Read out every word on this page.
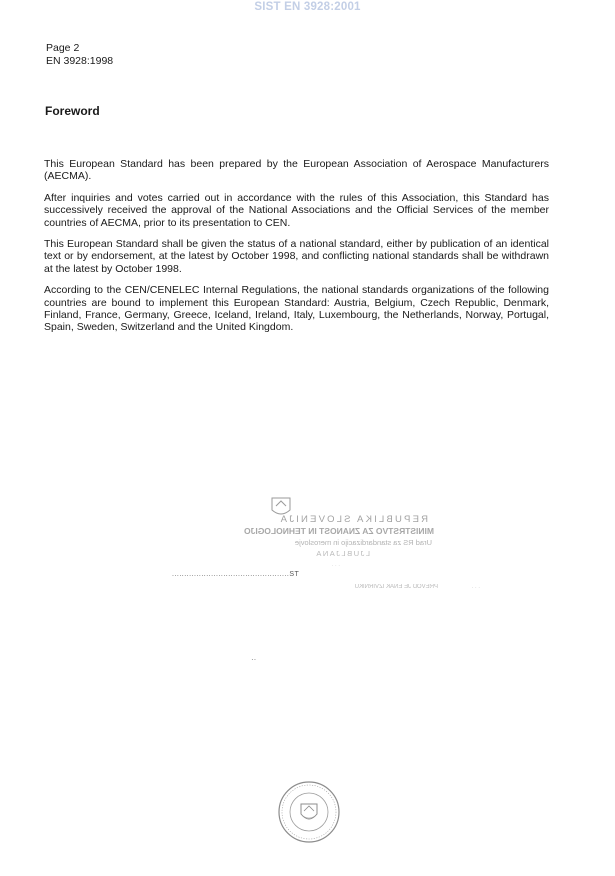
SIST EN 3928:2001
Page 2
EN 3928:1998
Foreword

This European Standard has been prepared by the European Association of Aerospace Manufacturers (AECMA).

After inquiries and votes carried out in accordance with the rules of this Association, this Standard has successively received the approval of the National Associations and the Official Services of the member countries of AECMA, prior to its presentation to CEN.

This European Standard shall be given the status of a national standard, either by publication of an identical text or by endorsement, at the latest by October 1998, and conflicting national standards shall be withdrawn at the latest by October 1998.

According to the CEN/CENELEC Internal Regulations, the national standards organizations of the following countries are bound to implement this European Standard: Austria, Belgium, Czech Republic, Denmark, Finland, France, Germany, Greece, Iceland, Ireland, Italy, Luxembourg, the Netherlands, Norway, Portugal, Spain, Sweden, Switzerland and the United Kingdom.

REPUBLIKA SLOVENIJA
MINISTRSTVO ZA ZNANOST IN TEHNOLOGIJO
Urad RS za standardizacijo in meroslovje
LJUBLJANA
. . .
PREVOD JE ENAK IZVIRNIKU	. . .
................................................ST
··
